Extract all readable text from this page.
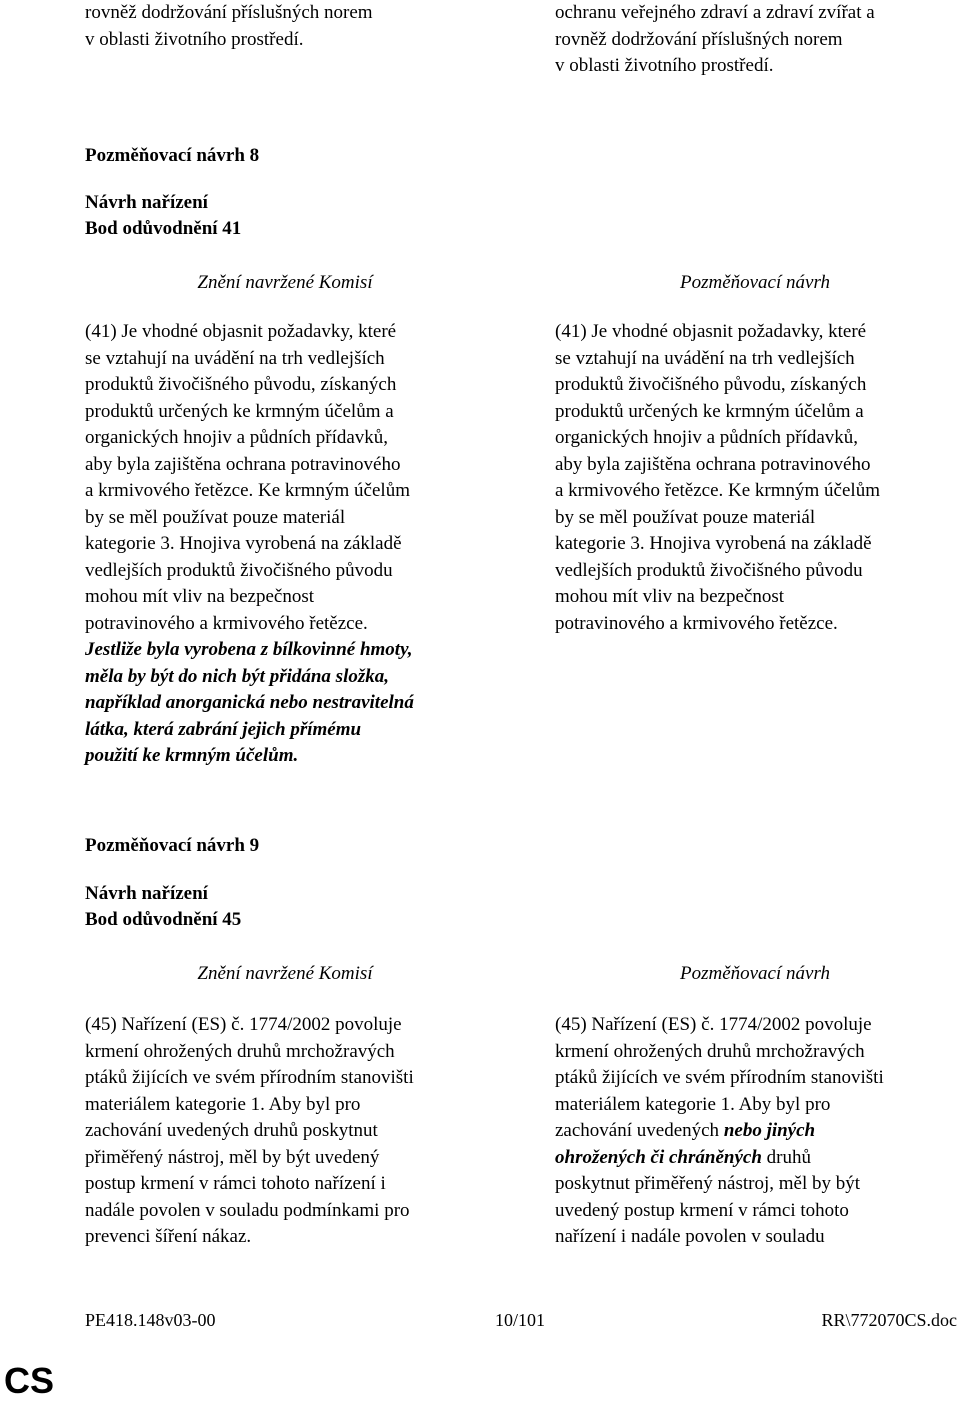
rovněž dodržování příslušných norem
v oblasti životního prostředí.
ochranu veřejného zdraví a zdraví zvířat a
rovněž dodržování příslušných norem
v oblasti životního prostředí.
Pozměňovací návrh 8
Návrh nařízení
Bod odůvodnění 41
Znění navržené Komisí	Pozměňovací návrh
(41) Je vhodné objasnit požadavky, které
se vztahují na uvádění na trh vedlejších
produktů živočišného původu, získaných
produktů určených ke krmným účelům a
organických hnojiv a půdních přídavků,
aby byla zajištěna ochrana potravinového
a krmivového řetězce. Ke krmným účelům
by se měl používat pouze materiál
kategorie 3. Hnojiva vyrobená na základě
vedlejších produktů živočišného původu
mohou mít vliv na bezpečnost
potravinového a krmivového řetězce.
Jestliže byla vyrobena z bílkovinné hmoty,
měla by být do nich být přidána složka,
například anorganická nebo nestravitelná
látka, která zabrání jejich přímému
použití ke krmným účelům.
(41) Je vhodné objasnit požadavky, které
se vztahují na uvádění na trh vedlejších
produktů živočišného původu, získaných
produktů určených ke krmným účelům a
organických hnojiv a půdních přídavků,
aby byla zajištěna ochrana potravinového
a krmivového řetězce. Ke krmným účelům
by se měl používat pouze materiál
kategorie 3. Hnojiva vyrobená na základě
vedlejších produktů živočišného původu
mohou mít vliv na bezpečnost
potravinového a krmivového řetězce.
Pozměňovací návrh 9
Návrh nařízení
Bod odůvodnění 45
Znění navržené Komisí	Pozměňovací návrh
(45) Nařízení (ES) č. 1774/2002 povoluje
krmení ohrožených druhů mrchožravých
ptáků žijících ve svém přírodním stanovišti
materiálem kategorie 1. Aby byl pro
zachování uvedených druhů poskytnut
přiměřený nástroj, měl by být uvedený
postup krmení v rámci tohoto nařízení i
nadále povolen v souladu podmínkami pro
prevenci šíření nákaz.
(45) Nařízení (ES) č. 1774/2002 povoluje
krmení ohrožených druhů mrchožravých
ptáků žijících ve svém přírodním stanovišti
materiálem kategorie 1. Aby byl pro
zachování uvedených nebo jiných
ohrožených či chráněných druhů
poskytnut přiměřený nástroj, měl by být
uvedený postup krmení v rámci tohoto
nařízení i nadále povolen v souladu
PE418.148v03-00	10/101	RR\772070CS.doc
CS
